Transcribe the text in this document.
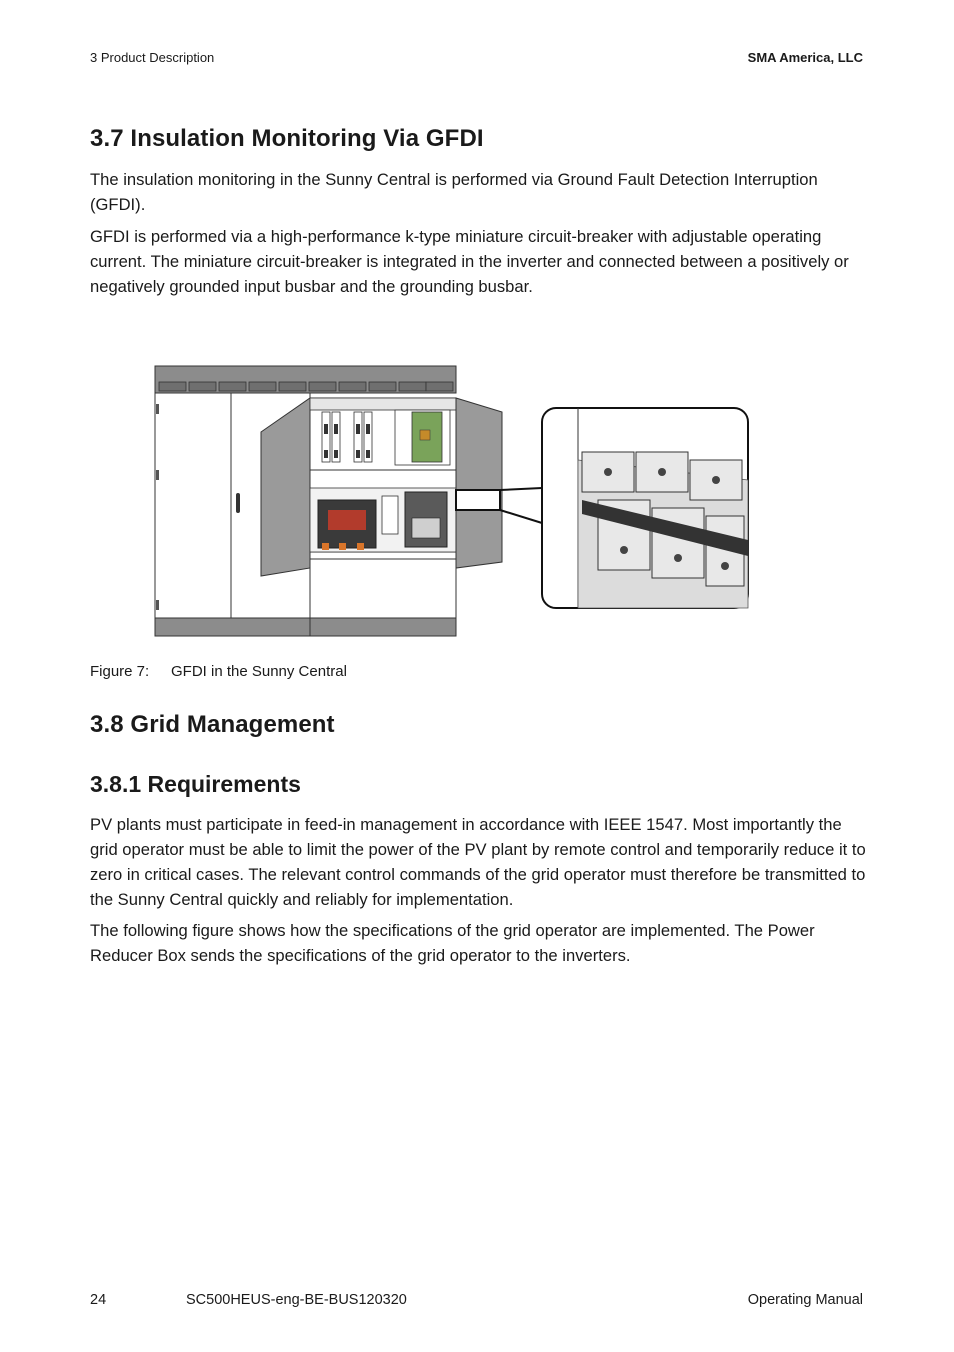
3 Product Description	SMA America, LLC
3.7 Insulation Monitoring Via GFDI

The insulation monitoring in the Sunny Central is performed via Ground Fault Detection Interruption (GFDI).

GFDI is performed via a high-performance k-type miniature circuit-breaker with adjustable operating current. The miniature circuit-breaker is integrated in the inverter and connected between a positively or negatively grounded input busbar and the grounding busbar.

Figure 7: GFDI in the Sunny Central
3.8 Grid Management
3.8.1 Requirements

PV plants must participate in feed-in management in accordance with IEEE 1547. Most importantly the grid operator must be able to limit the power of the PV plant by remote control and temporarily reduce it to zero in critical cases. The relevant control commands of the grid operator must therefore be transmitted to the Sunny Central quickly and reliably for implementation.

The following figure shows how the specifications of the grid operator are implemented. The Power Reducer Box sends the specifications of the grid operator to the inverters.

24	SC500HEUS-eng-BE-BUS120320	Operating Manual
